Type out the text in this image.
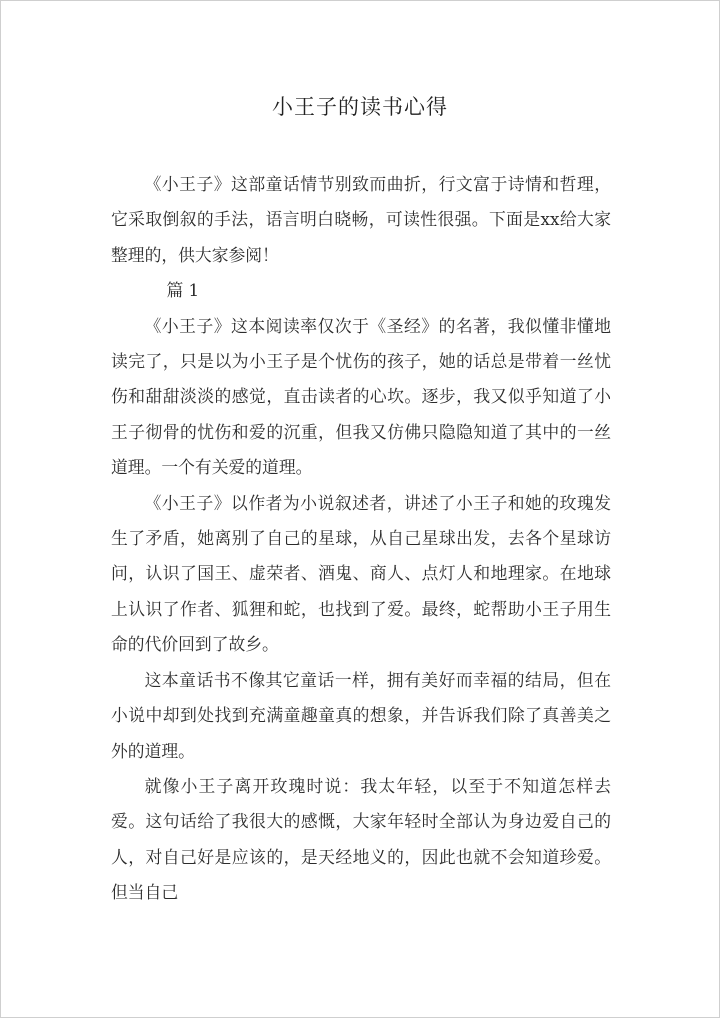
小王子的读书心得

《小王子》这部童话情节别致而曲折，行文富于诗情和哲理，它采取倒叙的手法，语言明白晓畅，可读性很强。下面是xx给大家整理的，供大家参阅！

篇 1

《小王子》这本阅读率仅次于《圣经》的名著，我似懂非懂地读完了，只是以为小王子是个忧伤的孩子，她的话总是带着一丝忧伤和甜甜淡淡的感觉，直击读者的心坎。逐步，我又似乎知道了小王子彻骨的忧伤和爱的沉重，但我又仿佛只隐隐知道了其中的一丝道理。一个有关爱的道理。

《小王子》以作者为小说叙述者，讲述了小王子和她的玫瑰发生了矛盾，她离别了自己的星球，从自己星球出发，去各个星球访问，认识了国王、虚荣者、酒鬼、商人、点灯人和地理家。在地球上认识了作者、狐狸和蛇，也找到了爱。最终，蛇帮助小王子用生命的代价回到了故乡。

这本童话书不像其它童话一样，拥有美好而幸福的结局，但在小说中却到处找到充满童趣童真的想象，并告诉我们除了真善美之外的道理。

就像小王子离开玫瑰时说：我太年轻，以至于不知道怎样去爱。这句话给了我很大的感慨，大家年轻时全部认为身边爱自己的人，对自己好是应该的，是天经地义的，因此也就不会知道珍爱。但当自己
